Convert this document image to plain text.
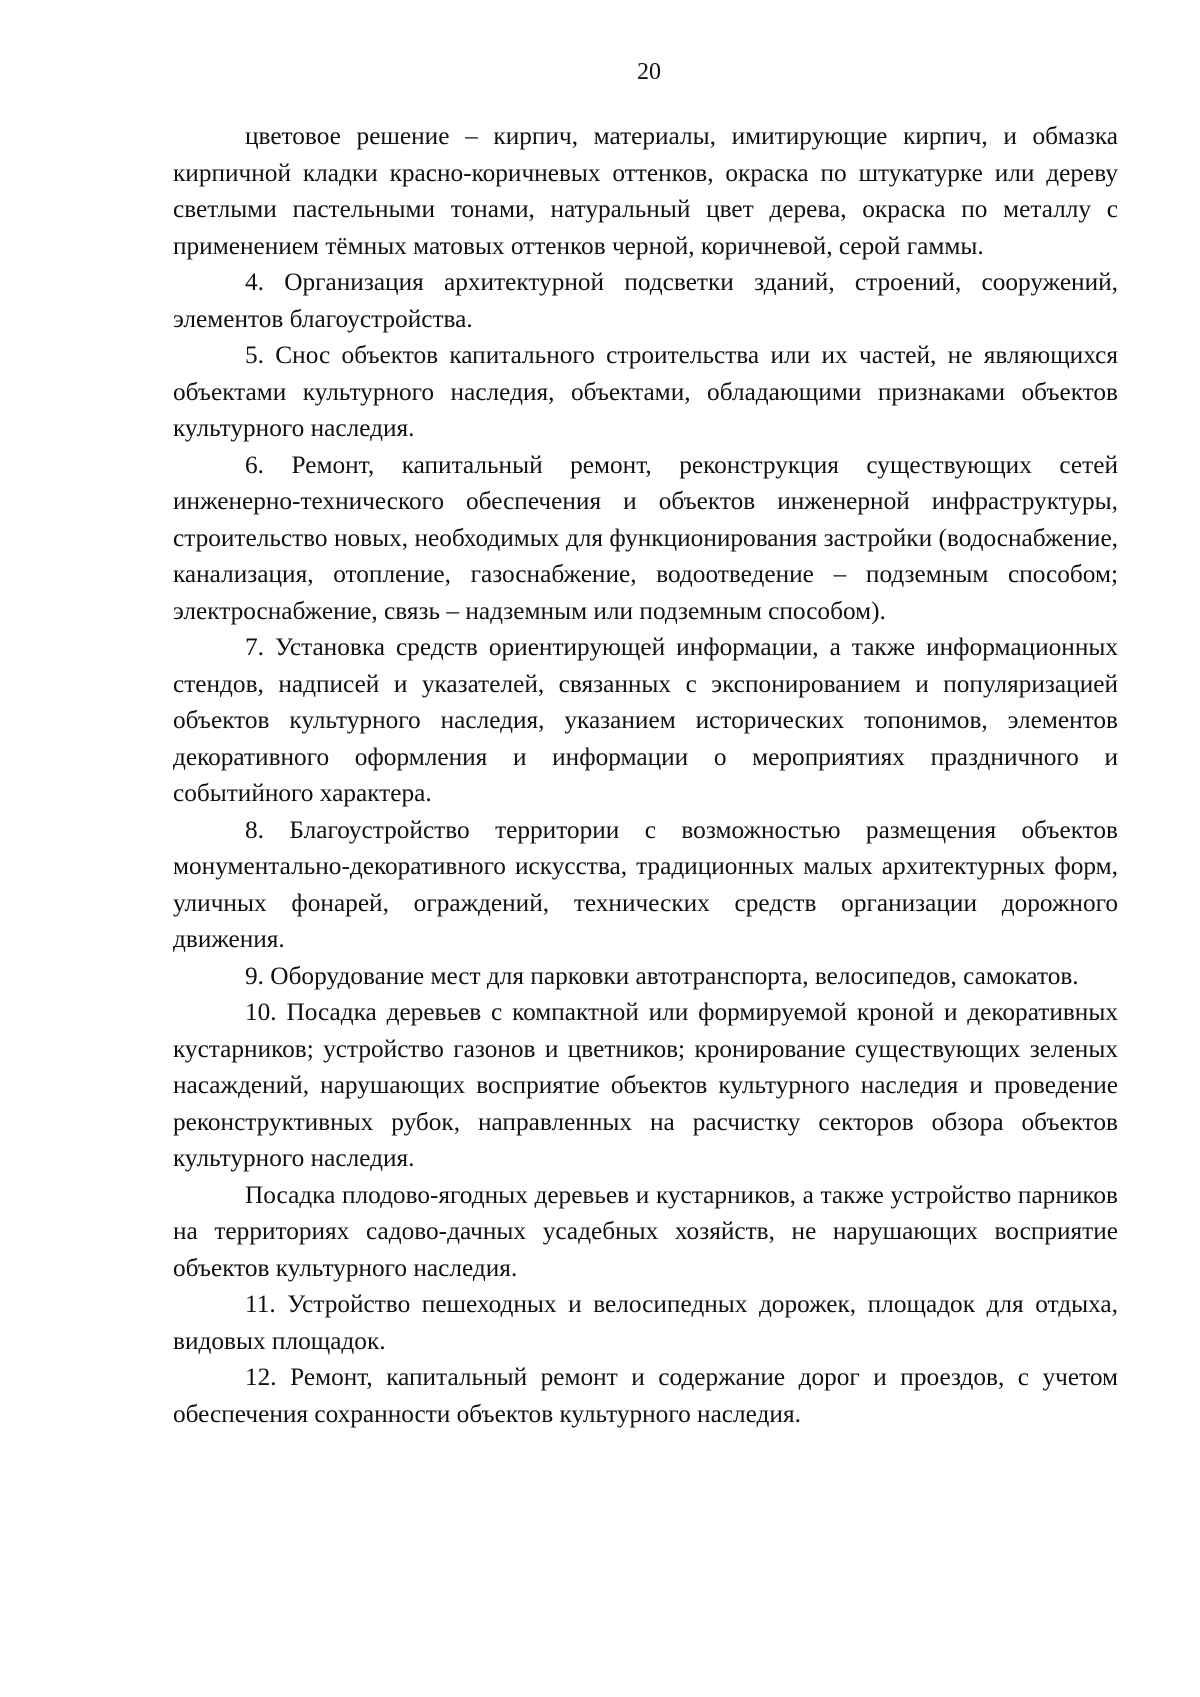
20

цветовое решение – кирпич, материалы, имитирующие кирпич, и обмазка кирпичной кладки красно-коричневых оттенков, окраска по штукатурке или дереву светлыми пастельными тонами, натуральный цвет дерева, окраска по металлу с применением тёмных матовых оттенков черной, коричневой, серой гаммы.

4. Организация архитектурной подсветки зданий, строений, сооружений, элементов благоустройства.

5. Снос объектов капитального строительства или их частей, не являющихся объектами культурного наследия, объектами, обладающими признаками объектов культурного наследия.

6. Ремонт, капитальный ремонт, реконструкция существующих сетей инженерно-технического обеспечения и объектов инженерной инфраструктуры, строительство новых, необходимых для функционирования застройки (водоснабжение, канализация, отопление, газоснабжение, водоотведение – подземным способом; электроснабжение, связь – надземным или подземным способом).

7. Установка средств ориентирующей информации, а также информационных стендов, надписей и указателей, связанных с экспонированием и популяризацией объектов культурного наследия, указанием исторических топонимов, элементов декоративного оформления и информации о мероприятиях праздничного и событийного характера.

8. Благоустройство территории с возможностью размещения объектов монументально-декоративного искусства, традиционных малых архитектурных форм, уличных фонарей, ограждений, технических средств организации дорожного движения.

9. Оборудование мест для парковки автотранспорта, велосипедов, самокатов.

10. Посадка деревьев с компактной или формируемой кроной и декоративных кустарников; устройство газонов и цветников; кронирование существующих зеленых насаждений, нарушающих восприятие объектов культурного наследия и проведение реконструктивных рубок, направленных на расчистку секторов обзора объектов культурного наследия.

Посадка плодово-ягодных деревьев и кустарников, а также устройство парников на территориях садово-дачных усадебных хозяйств, не нарушающих восприятие объектов культурного наследия.

11. Устройство пешеходных и велосипедных дорожек, площадок для отдыха, видовых площадок.

12. Ремонт, капитальный ремонт и содержание дорог и проездов, с учетом обеспечения сохранности объектов культурного наследия.
